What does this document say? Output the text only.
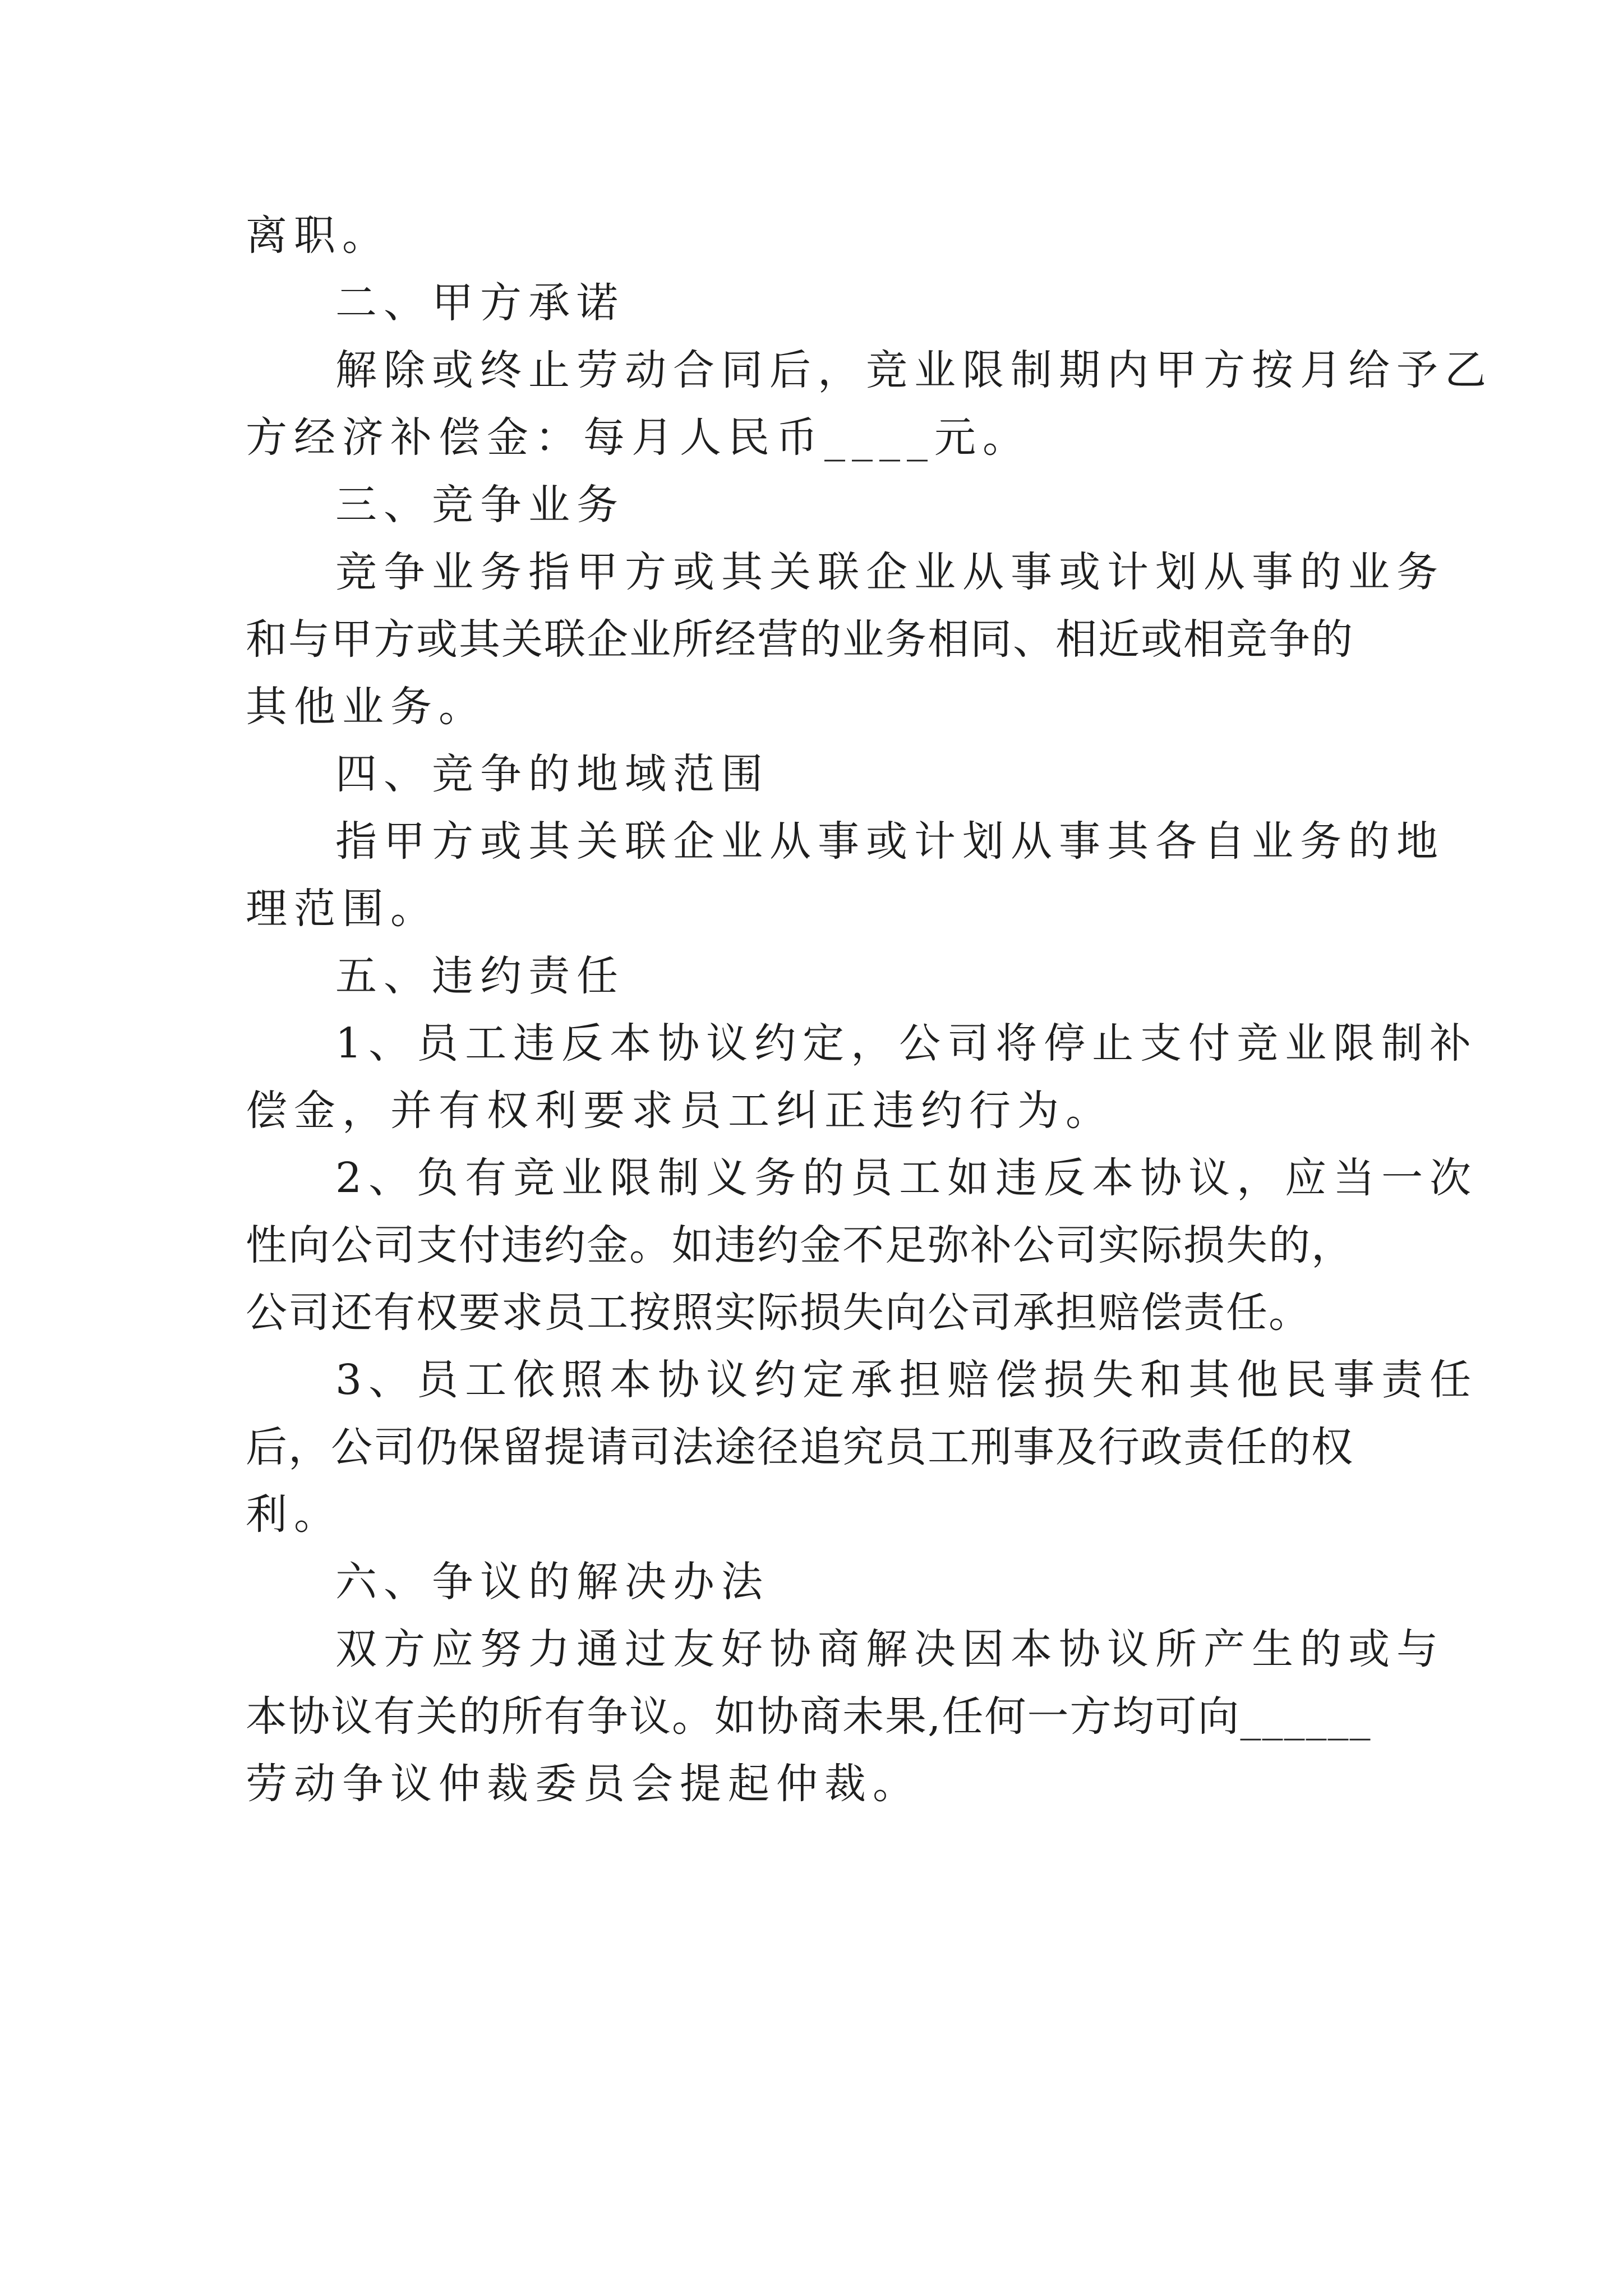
离职。
二、甲方承诺
解除或终止劳动合同后，竞业限制期内甲方按月给予乙
方经济补偿金：每月人民币____元。
三、竞争业务
竞争业务指甲方或其关联企业从事或计划从事的业务
和与甲方或其关联企业所经营的业务相同、相近或相竞争的
其他业务。
四、竞争的地域范围
指甲方或其关联企业从事或计划从事其各自业务的地
理范围。
五、违约责任
1、员工违反本协议约定，公司将停止支付竞业限制补
偿金，并有权利要求员工纠正违约行为。
2、负有竞业限制义务的员工如违反本协议，应当一次
性向公司支付违约金。如违约金不足弥补公司实际损失的，
公司还有权要求员工按照实际损失向公司承担赔偿责任。
3、员工依照本协议约定承担赔偿损失和其他民事责任
后，公司仍保留提请司法途径追究员工刑事及行政责任的权
利。
六、争议的解决办法
双方应努力通过友好协商解决因本协议所产生的或与
本协议有关的所有争议。如协商未果,任何一方均可向______
劳动争议仲裁委员会提起仲裁。
